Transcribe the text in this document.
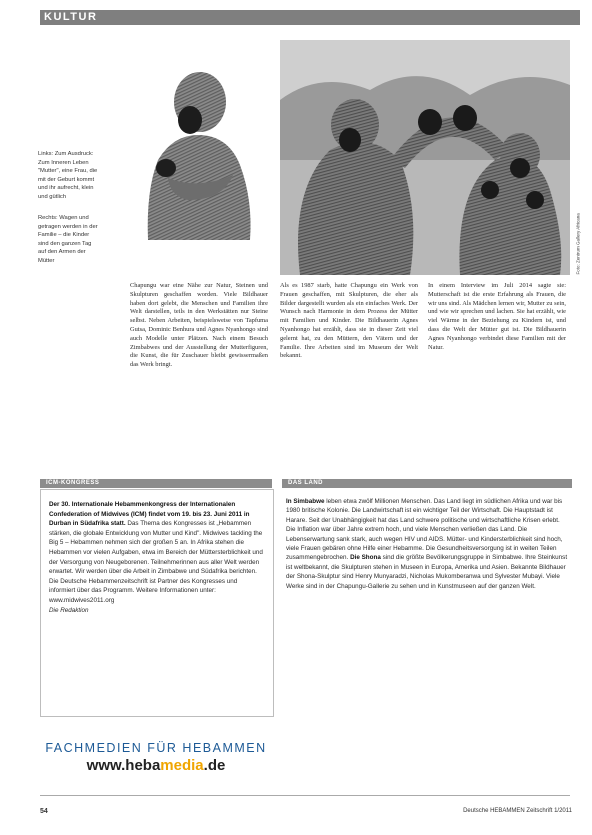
KULTUR
Links: Zum Ausdruck: Zum Inneren Leben "Mutter", eine Frau, die mit der Geburt kommt und ihr aufrecht, klein und gütlich
Rechts: Wagen und getragen werden in der Familie – die Kinder sind den ganzen Tag auf den Armen der Mütter	Foto: Zentrum Gallery Africana

Chapungu war eine Nähe zur Natur, Steinen und Skulpturen geschaffen worden. Viele Bildhauer haben dort gelebt, die Menschen und Familien ihre Welt darstellen, teils in den Werkstätten nur Steine selbst. Neben Arbeiten, beispielsweise von Tapfuma Gutsa, Dominic Benhura und Agnes Nyanhongo sind auch Modelle unter Plätzen. Nach einem Besuch Zimbabwes und der Ausstellung der Mutterfiguren, die Kunst, die für Zuschauer bleibt gewissermaßen das Werk bringt.

Als es 1987 starb, hatte Chapungu ein Werk von Frauen geschaffen, mit Skulpturen, die eher als Bilder dargestellt wurden als ein einfaches Werk. Der Wunsch nach Harmonie in dem Prozess der Mütter mit Familien und Kinder. Die Bildhauerin Agnes Nyanhongo hat erzählt, dass sie in dieser Zeit viel gelernt hat, zu den Müttern, den Vätern und der Familie. Ihre Arbeiten sind im Museum der Welt bekannt.

In einem Interview im Juli 2014 sagte sie: Mutterschaft ist die erste Erfahrung als Frauen, die wir uns sind. Als Mädchen lernen wir, Mutter zu sein, und wie wir sprechen und lachen. Sie hat erzählt, wie viel Wärme in der Beziehung zu Kindern ist, und dass die Welt der Mütter gut ist. Die Bildhauerin Agnes Nyanhongo verbindet diese Familien mit der Natur.

ICM-KONGRESS
Der 30. Internationale Hebammenkongress der Internationalen Confederation of Midwives (ICM) findet vom 19. bis 23. Juni 2011 in Durban in Südafrika statt. Das Thema des Kongresses ist „Hebammen stärken, die globale Entwicklung von Mutter und Kind". Midwives tackling the Big 5 – Hebammen nehmen sich der großen 5 an. In Afrika stehen die Hebammen vor vielen Aufgaben, etwa im Bereich der Müttersterblichkeit und der Versorgung von Neugeborenen. Teilnehmerinnen aus aller Welt werden erwartet. Wir werden über die Arbeit in Zimbabwe und Südafrika berichten. Die Deutsche Hebammenzeitschrift ist Partner des Kongresses und informiert über das Programm. Weitere Informationen unter: www.midwives2011.org
Die Redaktion
FACHMEDIEN FÜR HEBAMMEN
www.hebamedia.de
DAS LAND
In Simbabwe leben etwa zwölf Millionen Menschen. Das Land liegt im südlichen Afrika und war bis 1980 britische Kolonie. Die Landwirtschaft ist ein wichtiger Teil der Wirtschaft. Die Hauptstadt ist Harare. Seit der Unabhängigkeit hat das Land schwere politische und wirtschaftliche Krisen erlebt. Die Inflation war über Jahre extrem hoch, und viele Menschen verließen das Land. Die Lebenserwartung sank stark, auch wegen HIV und AIDS. Mütter- und Kindersterblichkeit sind hoch, viele Frauen gebären ohne Hilfe einer Hebamme. Die Gesundheitsversorgung ist in weiten Teilen zusammengebrochen. Die Shona sind die größte Bevölkerungsgruppe in Simbabwe. Ihre Steinkunst ist weltbekannt, die Skulpturen stehen in Museen in Europa, Amerika und Asien. Bekannte Bildhauer der Shona-Skulptur sind Henry Munyaradzi, Nicholas Mukomberanwa und Sylvester Mubayi. Viele Werke sind in der Chapungu-Gallerie zu sehen und in Kunstmuseen auf der ganzen Welt.
54	Deutsche HEBAMMEN Zeitschrift 1/2011
